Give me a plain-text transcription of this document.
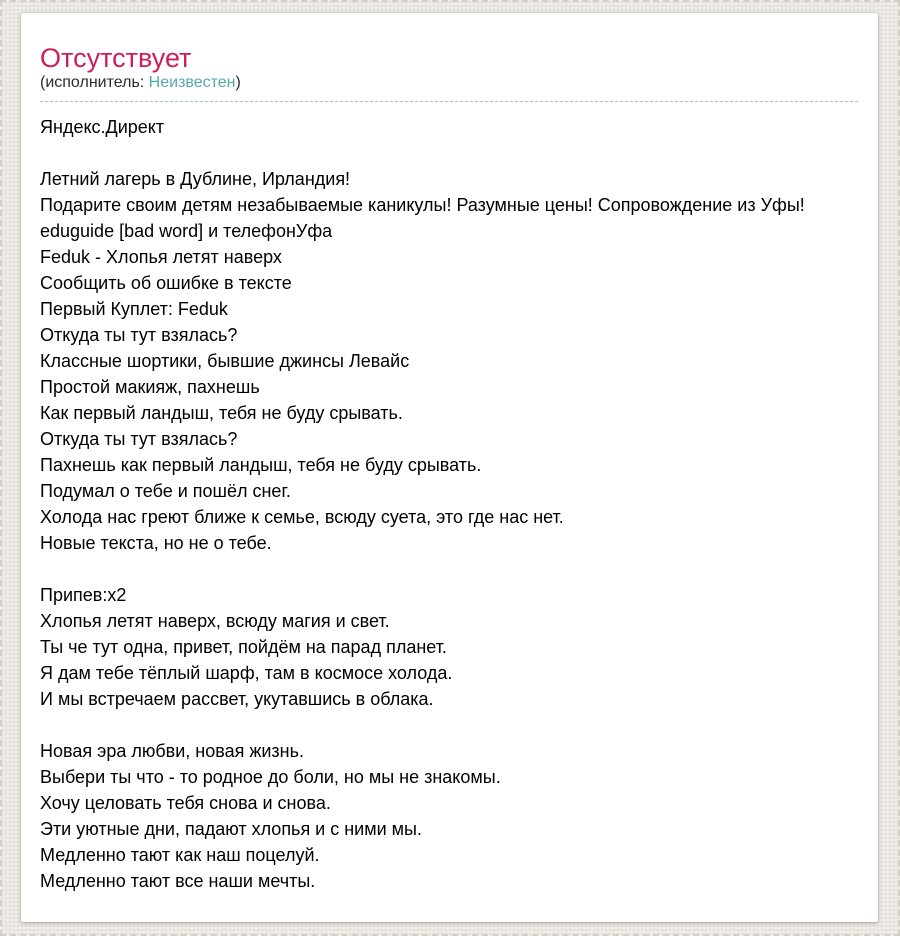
Отсутствует

(исполнитель: Неизвестен)

Яндекс.Директ

Летний лагерь в Дублине, Ирландия!
Подарите своим детям незабываемые каникулы! Разумные цены! Сопровождение из Уфы!
eduguide [bad word] и телефонУфа
Feduk - Хлопья летят наверх
Сообщить об ошибке в тексте
Первый Куплет: Feduk
Откуда ты тут взялась?
Классные шортики, бывшие джинсы Левайс
Простой макияж, пахнешь
Как первый ландыш, тебя не буду срывать.
Откуда ты тут взялась?
Пахнешь как первый ландыш, тебя не буду срывать.
Подумал о тебе и пошёл снег.
Холода нас греют ближе к семье, всюду суета, это где нас нет.
Новые текста, но не о тебе.

Припев:x2
Хлопья летят наверх, всюду магия и свет.
Ты че тут одна, привет, пойдём на парад планет.
Я дам тебе тёплый шарф, там в космосе холода.
И мы встречаем рассвет, укутавшись в облака.

Новая эра любви, новая жизнь.
Выбери ты что - то родное до боли, но мы не знакомы.
Хочу целовать тебя снова и снова.
Эти уютные дни, падают хлопья и с ними мы.
Медленно тают как наш поцелуй.
Медленно тают все наши мечты.
